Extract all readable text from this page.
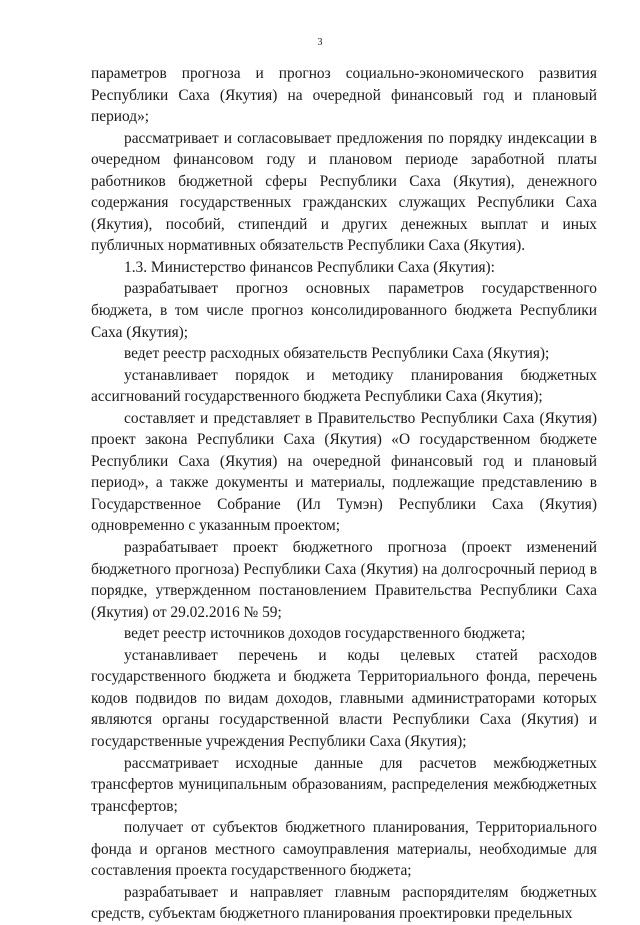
3

параметров прогноза и прогноз социально-экономического развития Республики Саха (Якутия) на очередной финансовый год и плановый период»;

рассматривает и согласовывает предложения по порядку индексации в очередном финансовом году и плановом периоде заработной платы работников бюджетной сферы Республики Саха (Якутия), денежного содержания государственных гражданских служащих Республики Саха (Якутия), пособий, стипендий и других денежных выплат и иных публичных нормативных обязательств Республики Саха (Якутия).

1.3. Министерство финансов Республики Саха (Якутия):

разрабатывает прогноз основных параметров государственного бюджета, в том числе прогноз консолидированного бюджета Республики Саха (Якутия);

ведет реестр расходных обязательств Республики Саха (Якутия);

устанавливает порядок и методику планирования бюджетных ассигнований государственного бюджета Республики Саха (Якутия);

составляет и представляет в Правительство Республики Саха (Якутия) проект закона Республики Саха (Якутия) «О государственном бюджете Республики Саха (Якутия) на очередной финансовый год и плановый период», а также документы и материалы, подлежащие представлению в Государственное Собрание (Ил Тумэн) Республики Саха (Якутия) одновременно с указанным проектом;

разрабатывает проект бюджетного прогноза (проект изменений бюджетного прогноза) Республики Саха (Якутия) на долгосрочный период в порядке, утвержденном постановлением Правительства Республики Саха (Якутия) от 29.02.2016 № 59;

ведет реестр источников доходов государственного бюджета;

устанавливает перечень и коды целевых статей расходов государственного бюджета и бюджета Территориального фонда, перечень кодов подвидов по видам доходов, главными администраторами которых являются органы государственной власти Республики Саха (Якутия) и государственные учреждения Республики Саха (Якутия);

рассматривает исходные данные для расчетов межбюджетных трансфертов муниципальным образованиям, распределения межбюджетных трансфертов;

получает от субъектов бюджетного планирования, Территориального фонда и органов местного самоуправления материалы, необходимые для составления проекта государственного бюджета;

разрабатывает и направляет главным распорядителям бюджетных средств, субъектам бюджетного планирования проектировки предельных
